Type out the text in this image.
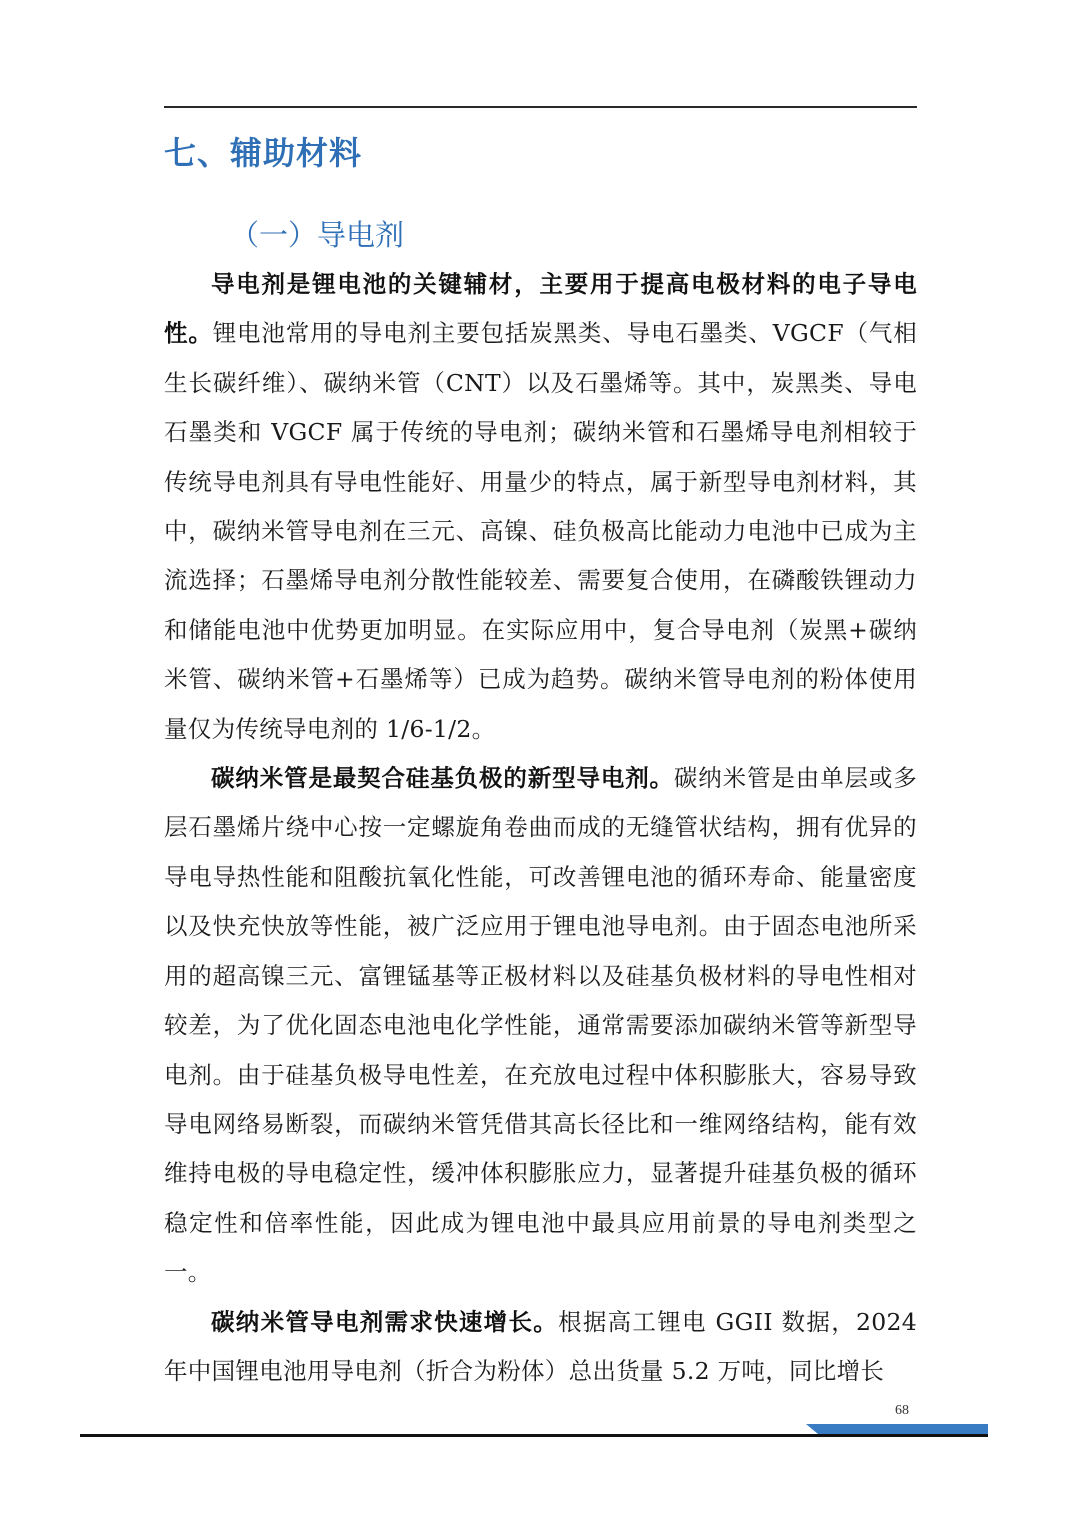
七、辅助材料
（一）导电剂

导电剂是锂电池的关键辅材，主要用于提高电极材料的电子导电性。锂电池常用的导电剂主要包括炭黑类、导电石墨类、VGCF（气相生长碳纤维）、碳纳米管（CNT）以及石墨烯等。其中，炭黑类、导电石墨类和 VGCF 属于传统的导电剂；碳纳米管和石墨烯导电剂相较于传统导电剂具有导电性能好、用量少的特点，属于新型导电剂材料，其中，碳纳米管导电剂在三元、高镍、硅负极高比能动力电池中已成为主流选择；石墨烯导电剂分散性能较差、需要复合使用，在磷酸铁锂动力和储能电池中优势更加明显。在实际应用中，复合导电剂（炭黑+碳纳米管、碳纳米管+石墨烯等）已成为趋势。碳纳米管导电剂的粉体使用量仅为传统导电剂的 1/6-1/2。

碳纳米管是最契合硅基负极的新型导电剂。碳纳米管是由单层或多层石墨烯片绕中心按一定螺旋角卷曲而成的无缝管状结构，拥有优异的导电导热性能和阻酸抗氧化性能，可改善锂电池的循环寿命、能量密度以及快充快放等性能，被广泛应用于锂电池导电剂。由于固态电池所采用的超高镍三元、富锂锰基等正极材料以及硅基负极材料的导电性相对较差，为了优化固态电池电化学性能，通常需要添加碳纳米管等新型导电剂。由于硅基负极导电性差，在充放电过程中体积膨胀大，容易导致导电网络易断裂，而碳纳米管凭借其高长径比和一维网络结构，能有效维持电极的导电稳定性，缓冲体积膨胀应力，显著提升硅基负极的循环稳定性和倍率性能，因此成为锂电池中最具应用前景的导电剂类型之一。

碳纳米管导电剂需求快速增长。根据高工锂电 GGII 数据，2024 年中国锂电池用导电剂（折合为粉体）总出货量 5.2 万吨，同比增长

68
